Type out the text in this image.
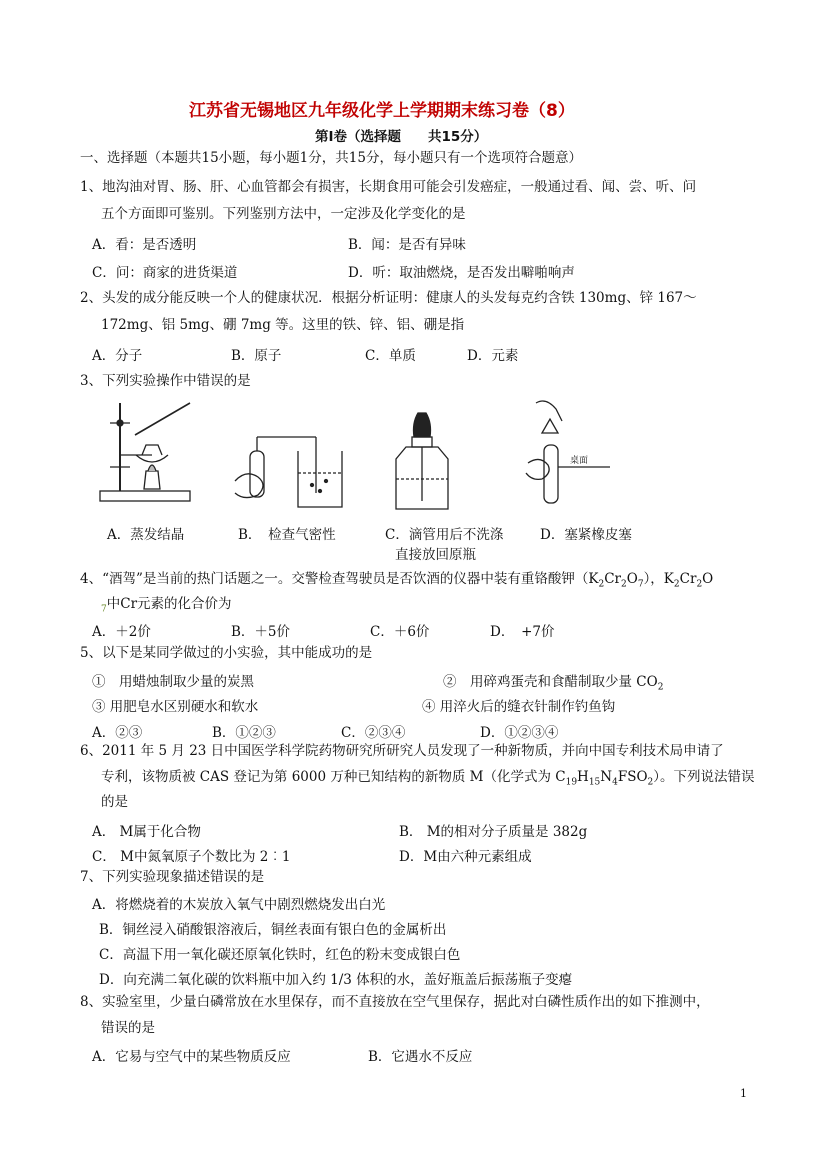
江苏省无锡地区九年级化学上学期期末练习卷（8）
第Ⅰ卷（选择题　　共15分）
一、选择题（本题共15小题，每小题1分，共15分，每小题只有一个选项符合题意）
1、地沟油对胃、肠、肝、心血管都会有损害，长期食用可能会引发癌症，一般通过看、闻、尝、听、问
五个方面即可鉴别。下列鉴别方法中，一定涉及化学变化的是
A．看：是否透明	B．闻：是否有异味
C．问：商家的进货渠道	D．听：取油燃烧，是否发出噼啪响声
2、头发的成分能反映一个人的健康状况．根据分析证明：健康人的头发每克约含铁 130mg、锌 167～
172mg、铝 5mg、硼 7mg 等。这里的铁、锌、铝、硼是指
A．分子	B．原子	C．单质	D．元素
3、下列实验操作中错误的是
桌面
A．蒸发结晶	B．　检查气密性	C．滴管用后不洗涤
直接放回原瓶
D．塞紧橡皮塞
4、“酒驾”是当前的热门话题之一。交警检查驾驶员是否饮酒的仪器中装有重铬酸钾$(K_2Cr_2O_7)$，$K_2Cr_2O$
$_7$中Cr元素的化合价为
A．＋2价	B．＋5价	C．＋6价	D．　+7价
5、以下是某同学做过的小实验，其中能成功的是
①　用蜡烛制取少量的炭黑	②　用碎鸡蛋壳和食醋制取少量 $CO_2$
③ 用肥皂水区别硬水和软水	④ 用淬火后的缝衣针制作钓鱼钩
A．②③	B．①②③	C．②③④	D．①②③④
6、2011 年 5 月 23 日中国医学科学院药物研究所研究人员发现了一种新物质，并向中国专利技术局申请了
专利，该物质被 CAS 登记为第 6000 万种已知结构的新物质 M（化学式为 $C_{19}H_{15}N_4FSO_2$）。下列说法错误
的是
A． M属于化合物	B． M的相对分子质量是 382g
C． M中氮氧原子个数比为 2︰1	D．M由六种元素组成
7、下列实验现象描述错误的是
A．将燃烧着的木炭放入氧气中剧烈燃烧发出白光
B．铜丝浸入硝酸银溶液后，铜丝表面有银白色的金属析出
C．高温下用一氧化碳还原氧化铁时，红色的粉末变成银白色
D．向充满二氧化碳的饮料瓶中加入约 1/3 体积的水，盖好瓶盖后振荡瓶子变瘪
8、实验室里，少量白磷常放在水里保存，而不直接放在空气里保存，据此对白磷性质作出的如下推测中，
错误的是
A．它易与空气中的某些物质反应	B．它遇水不反应
1
